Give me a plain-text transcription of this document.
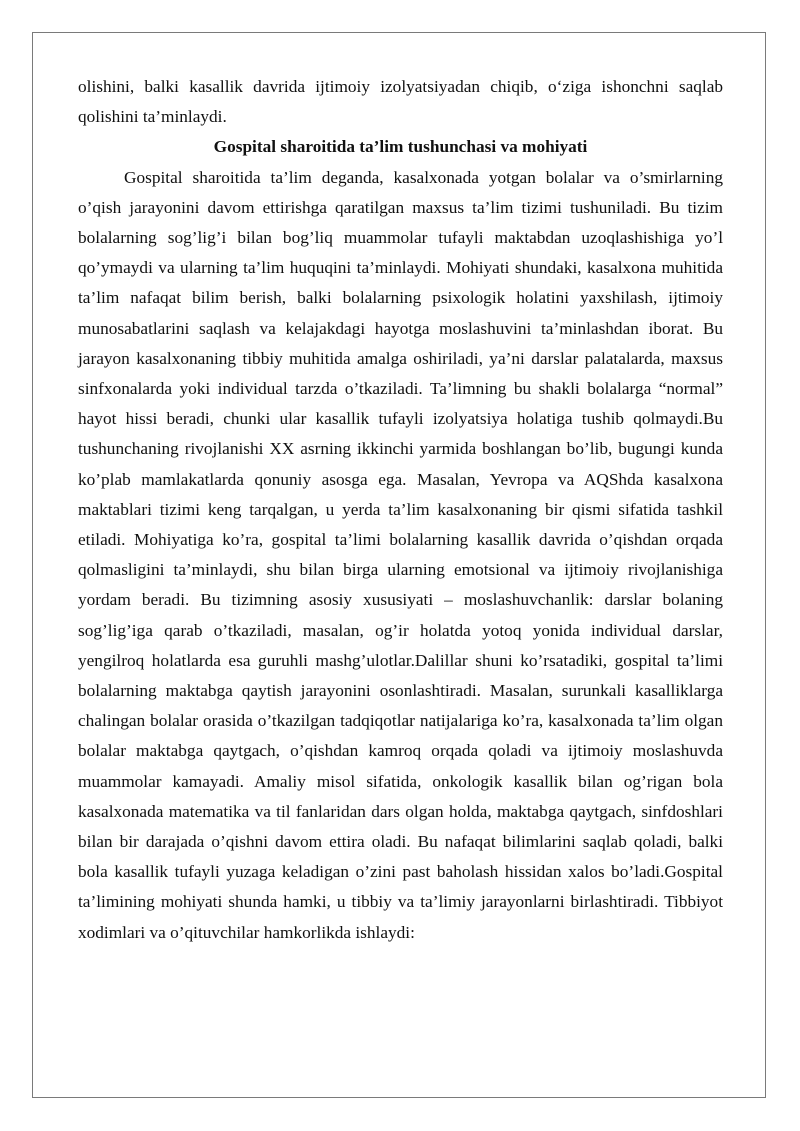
olishini, balki kasallik davrida ijtimoiy izolyatsiyadan chiqib, o‘ziga ishonchni saqlab qolishini ta’minlaydi.

Gospital sharoitida ta’lim tushunchasi va mohiyati

Gospital sharoitida ta’lim deganda, kasalxonada yotgan bolalar va o’smirlarning o’qish jarayonini davom ettirishga qaratilgan maxsus ta’lim tizimi tushuniladi. Bu tizim bolalarning sog’lig’i bilan bog’liq muammolar tufayli maktabdan uzoqlashishiga yo’l qo’ymaydi va ularning ta’lim huquqini ta’minlaydi. Mohiyati shundaki, kasalxona muhitida ta’lim nafaqat bilim berish, balki bolalarning psixologik holatini yaxshilash, ijtimoiy munosabatlarini saqlash va kelajakdagi hayotga moslashuvini ta’minlashdan iborat. Bu jarayon kasalxonaning tibbiy muhitida amalga oshiriladi, ya’ni darslar palatalarda, maxsus sinfxonalarda yoki individual tarzda o’tkaziladi. Ta’limning bu shakli bolalarga “normal” hayot hissi beradi, chunki ular kasallik tufayli izolyatsiya holatiga tushib qolmaydi.Bu tushunchaning rivojlanishi XX asrning ikkinchi yarmida boshlangan bo’lib, bugungi kunda ko’plab mamlakatlarda qonuniy asosga ega. Masalan, Yevropa va AQShda kasalxona maktablari tizimi keng tarqalgan, u yerda ta’lim kasalxonaning bir qismi sifatida tashkil etiladi. Mohiyatiga ko’ra, gospital ta’limi bolalarning kasallik davrida o’qishdan orqada qolmasligini ta’minlaydi, shu bilan birga ularning emotsional va ijtimoiy rivojlanishiga yordam beradi. Bu tizimning asosiy xususiyati – moslashuvchanlik: darslar bolaning sog’lig’iga qarab o’tkaziladi, masalan, og’ir holatda yotoq yonida individual darslar, yengilroq holatlarda esa guruhli mashg’ulotlar.Dalillar shuni ko’rsatadiki, gospital ta’limi bolalarning maktabga qaytish jarayonini osonlashtiradi. Masalan, surunkali kasalliklarga chalingan bolalar orasida o’tkazilgan tadqiqotlar natijalariga ko’ra, kasalxonada ta’lim olgan bolalar maktabga qaytgach, o’qishdan kamroq orqada qoladi va ijtimoiy moslashuvda muammolar kamayadi. Amaliy misol sifatida, onkologik kasallik bilan og’rigan bola kasalxonada matematika va til fanlaridan dars olgan holda, maktabga qaytgach, sinfdoshlari bilan bir darajada o’qishni davom ettira oladi. Bu nafaqat bilimlarini saqlab qoladi, balki bola kasallik tufayli yuzaga keladigan o’zini past baholash hissidan xalos bo’ladi.Gospital ta’limining mohiyati shunda hamki, u tibbiy va ta’limiy jarayonlarni birlashtiradi. Tibbiyot xodimlari va o’qituvchilar hamkorlikda ishlaydi:
